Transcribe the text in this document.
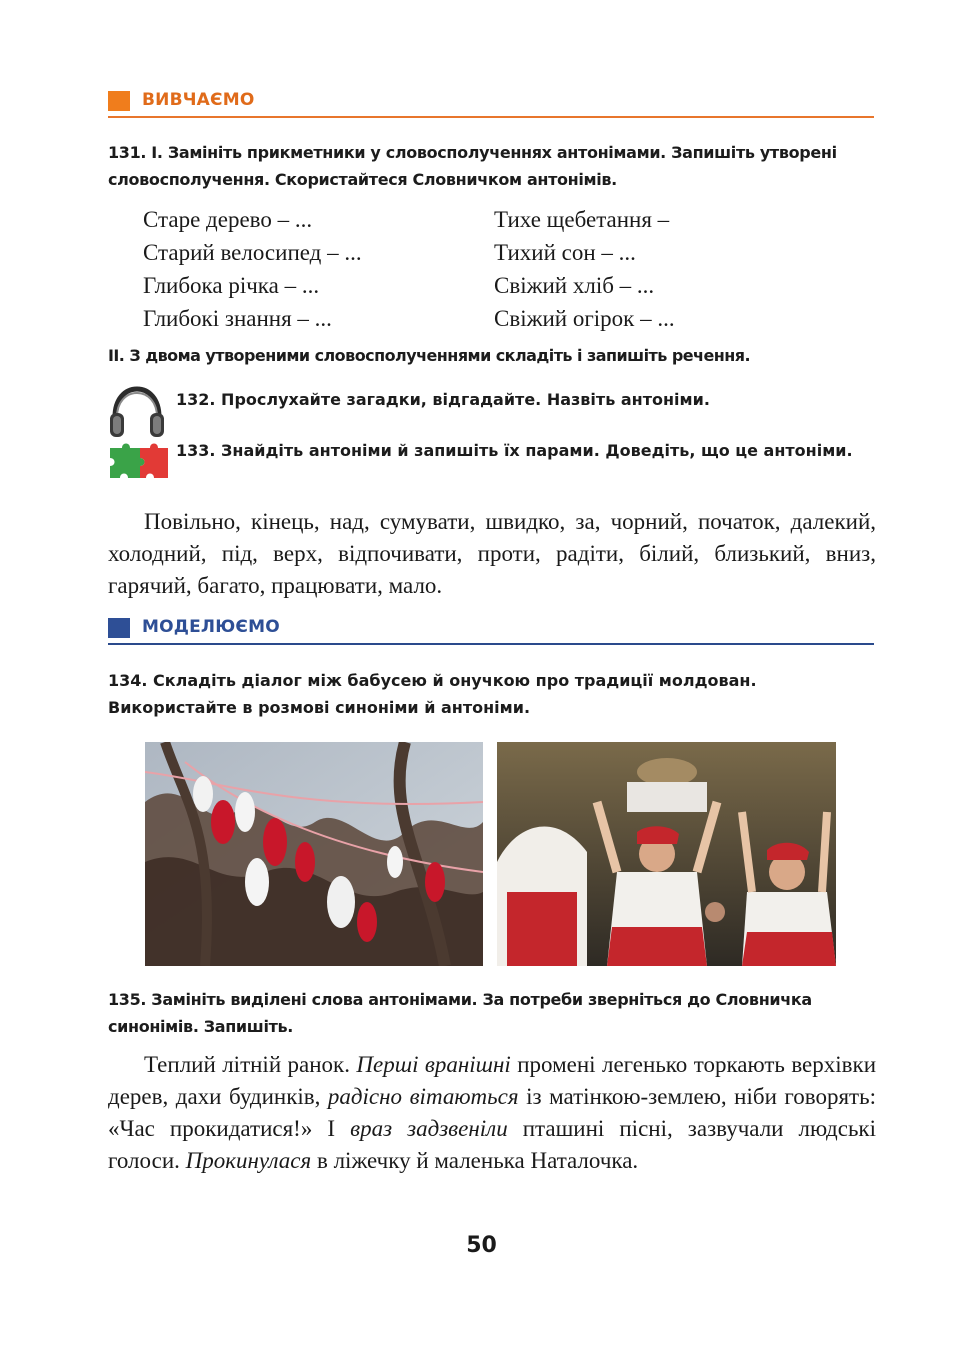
ВИВЧАЄМО
131. І. Замініть прикметники у словосполученнях антонімами. Запишіть утворені словосполучення. Скористайтеся Словничком антонімів.
Старе дерево – ...	Тихе щебетання –
Старий велосипед – ...	Тихий сон – ...
Глибока річка – ...	Свіжий хліб – ...
Глибокі знання – ...	Свіжий огірок – ...
ІІ. З двома утвореними словосполученнями складіть і запишіть речення.
132. Прослухайте загадки, відгадайте. Назвіть антоніми.
133. Знайдіть антоніми й запишіть їх парами. Доведіть, що це антоніми.

Повільно, кінець, над, сумувати, швидко, за, чорний, початок, далекий, холодний, під, верх, відпочивати, проти, радіти, білий, близький, вниз, гарячий, багато, працювати, мало.

МОДЕЛЮЄМО
134. Складіть діалог між бабусею й онучкою про традиції молдован. Використайте в розмові синоніми й антоніми.
135. Замініть виділені слова антонімами. За потреби зверніться до Словничка синонімів. Запишіть.

Теплий літній ранок. Перші вранішні промені легенько торкають верхівки дерев, дахи будинків, радісно вітаються із матінкою-землею, ніби говорять: «Час прокидатися!» І враз задзвеніли пташині пісні, зазвучали людські голоси. Прокинулася в ліжечку й маленька Наталочка.

50
